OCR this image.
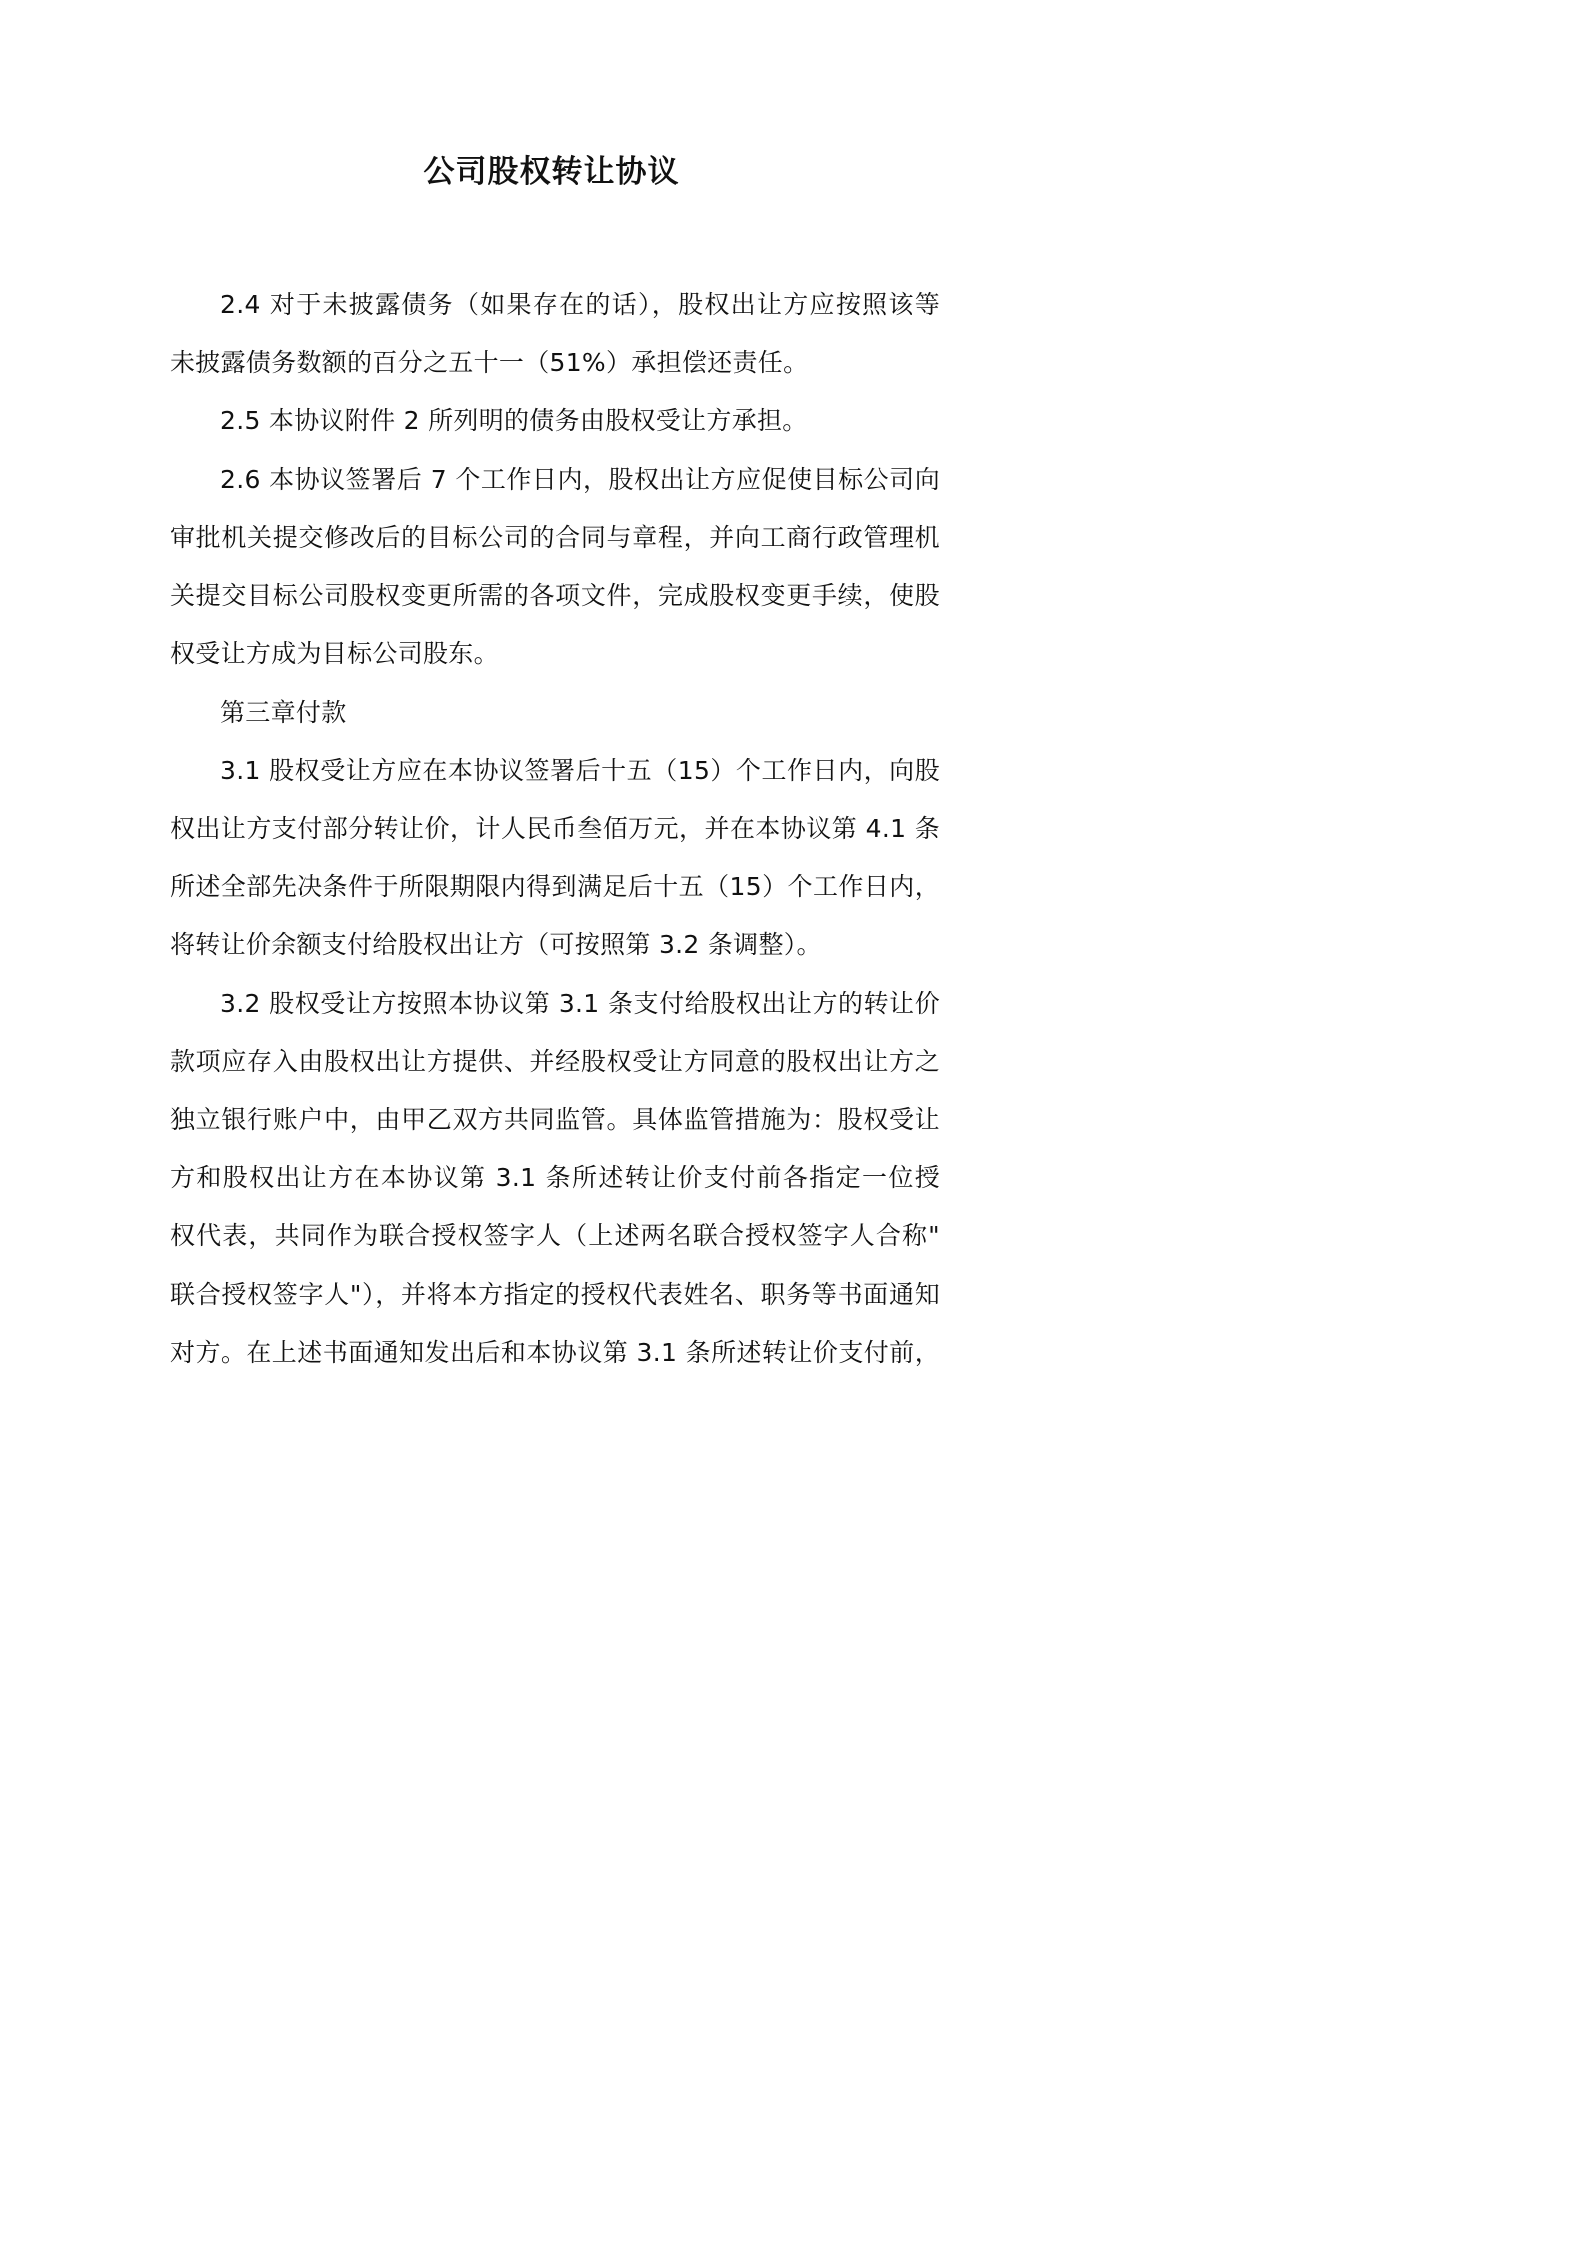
公司股权转让协议
2.4 对于未披露债务（如果存在的话），股权出让方应按照该等
未披露债务数额的百分之五十一（51%）承担偿还责任。
2.5 本协议附件 2 所列明的债务由股权受让方承担。
2.6 本协议签署后 7 个工作日内，股权出让方应促使目标公司向
审批机关提交修改后的目标公司的合同与章程，并向工商行政管理机
关提交目标公司股权变更所需的各项文件，完成股权变更手续，使股
权受让方成为目标公司股东。
第三章付款
3.1 股权受让方应在本协议签署后十五（15）个工作日内，向股
权出让方支付部分转让价，计人民币叁佰万元，并在本协议第 4.1 条
所述全部先决条件于所限期限内得到满足后十五（15）个工作日内，
将转让价余额支付给股权出让方（可按照第 3.2 条调整）。
3.2 股权受让方按照本协议第 3.1 条支付给股权出让方的转让价
款项应存入由股权出让方提供、并经股权受让方同意的股权出让方之
独立银行账户中，由甲乙双方共同监管。具体监管措施为：股权受让
方和股权出让方在本协议第 3.1 条所述转让价支付前各指定一位授
权代表，共同作为联合授权签字人（上述两名联合授权签字人合称"
联合授权签字人"），并将本方指定的授权代表姓名、职务等书面通知
对方。在上述书面通知发出后和本协议第 3.1 条所述转让价支付前，
